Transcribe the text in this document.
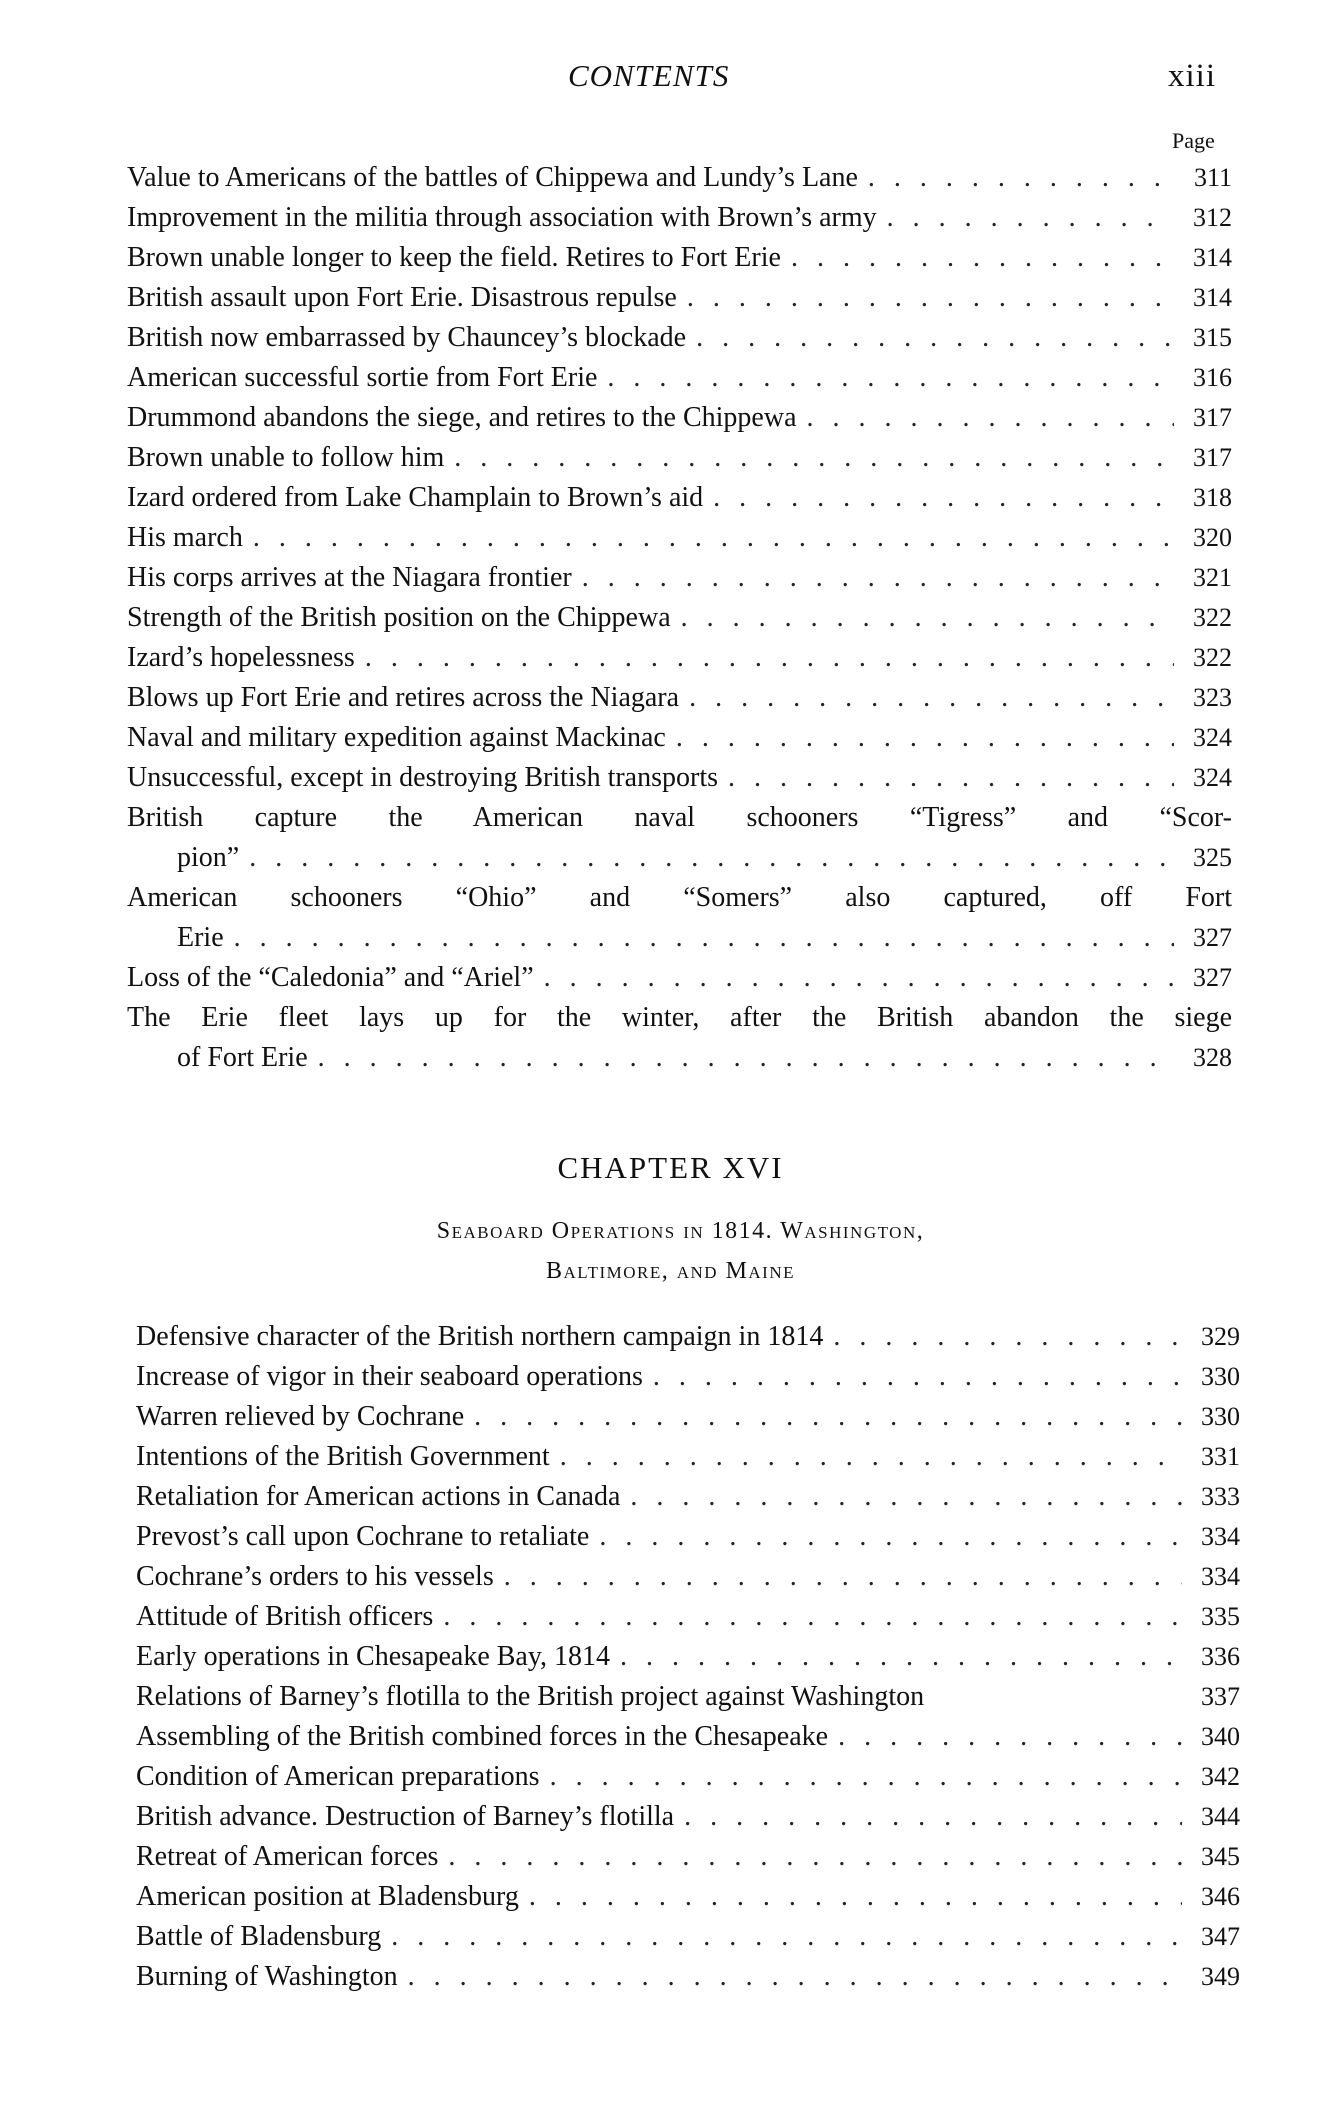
CONTENTS	xiii
Page
Value to Americans of the battles of Chippewa and Lundy’s Lane . . .	311
Improvement in the militia through association with Brown’s army . . .	312
Brown unable longer to keep the field. Retires to Fort Erie . . .	314
British assault upon Fort Erie. Disastrous repulse . . .	314
British now embarrassed by Chauncey’s blockade . . .	315
American successful sortie from Fort Erie . . .	316
Drummond abandons the siege, and retires to the Chippewa . . .	317
Brown unable to follow him . . .	317
Izard ordered from Lake Champlain to Brown’s aid . . .	318
His march . . .	320
His corps arrives at the Niagara frontier . . .	321
Strength of the British position on the Chippewa . . .	322
Izard’s hopelessness . . .	322
Blows up Fort Erie and retires across the Niagara . . .	323
Naval and military expedition against Mackinac . . .	324
Unsuccessful, except in destroying British transports . . .	324
British capture the American naval schooners “Tigress” and “Scor-
pion” . . .	325
American schooners “Ohio” and “Somers” also captured, off Fort
Erie . . .	327
Loss of the “Caledonia” and “Ariel” . . .	327
The Erie fleet lays up for the winter, after the British abandon the siege
of Fort Erie . . .	328
CHAPTER XVI
Seaboard Operations in 1814. Washington,
Baltimore, and Maine
Defensive character of the British northern campaign in 1814 . . .	329
Increase of vigor in their seaboard operations . . .	330
Warren relieved by Cochrane . . .	330
Intentions of the British Government . . .	331
Retaliation for American actions in Canada . . .	333
Prevost’s call upon Cochrane to retaliate . . .	334
Cochrane’s orders to his vessels . . .	334
Attitude of British officers . . .	335
Early operations in Chesapeake Bay, 1814 . . .	336
Relations of Barney’s flotilla to the British project against Washington	337
Assembling of the British combined forces in the Chesapeake . . .	340
Condition of American preparations . . .	342
British advance. Destruction of Barney’s flotilla . . .	344
Retreat of American forces . . .	345
American position at Bladensburg . . .	346
Battle of Bladensburg . . .	347
Burning of Washington . . .	349
